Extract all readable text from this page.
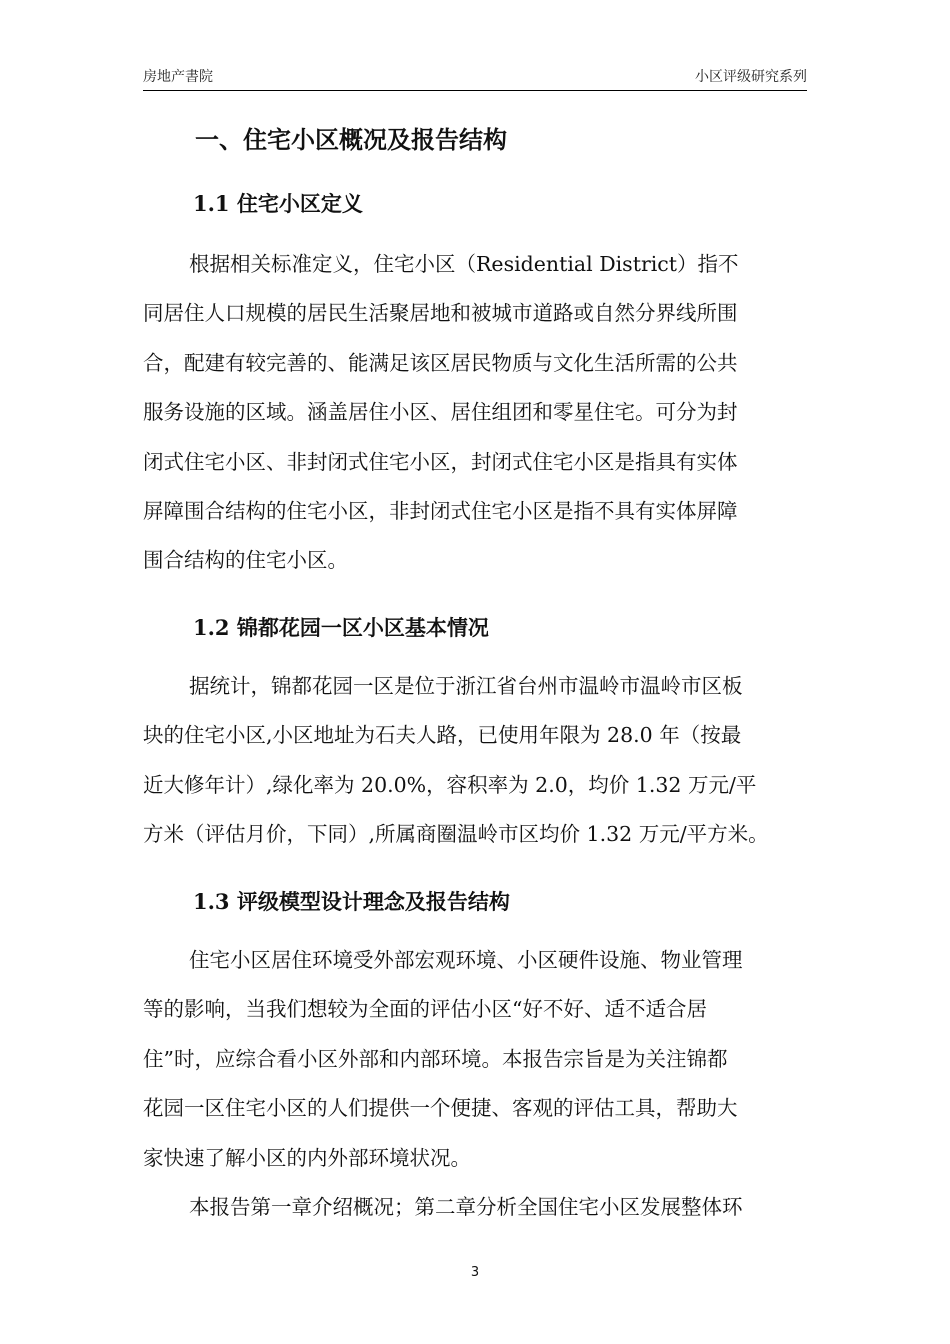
房地产書院	小区评级研究系列
一、住宅小区概况及报告结构
1.1 住宅小区定义
根据相关标准定义，住宅小区（Residential District）指不
同居住人口规模的居民生活聚居地和被城市道路或自然分界线所围
合，配建有较完善的、能满足该区居民物质与文化生活所需的公共
服务设施的区域。涵盖居住小区、居住组团和零星住宅。可分为封
闭式住宅小区、非封闭式住宅小区，封闭式住宅小区是指具有实体
屏障围合结构的住宅小区，非封闭式住宅小区是指不具有实体屏障
围合结构的住宅小区。
1.2 锦都花园一区小区基本情况
据统计，锦都花园一区是位于浙江省台州市温岭市温岭市区板
块的住宅小区,小区地址为石夫人路，已使用年限为 28.0 年（按最
近大修年计）,绿化率为 20.0%，容积率为 2.0，均价 1.32 万元/平
方米（评估月价，下同）,所属商圈温岭市区均价 1.32 万元/平方米。
1.3 评级模型设计理念及报告结构
住宅小区居住环境受外部宏观环境、小区硬件设施、物业管理
等的影响，当我们想较为全面的评估小区“好不好、适不适合居
住”时，应综合看小区外部和内部环境。本报告宗旨是为关注锦都
花园一区住宅小区的人们提供一个便捷、客观的评估工具，帮助大
家快速了解小区的内外部环境状况。
本报告第一章介绍概况；第二章分析全国住宅小区发展整体环
3
